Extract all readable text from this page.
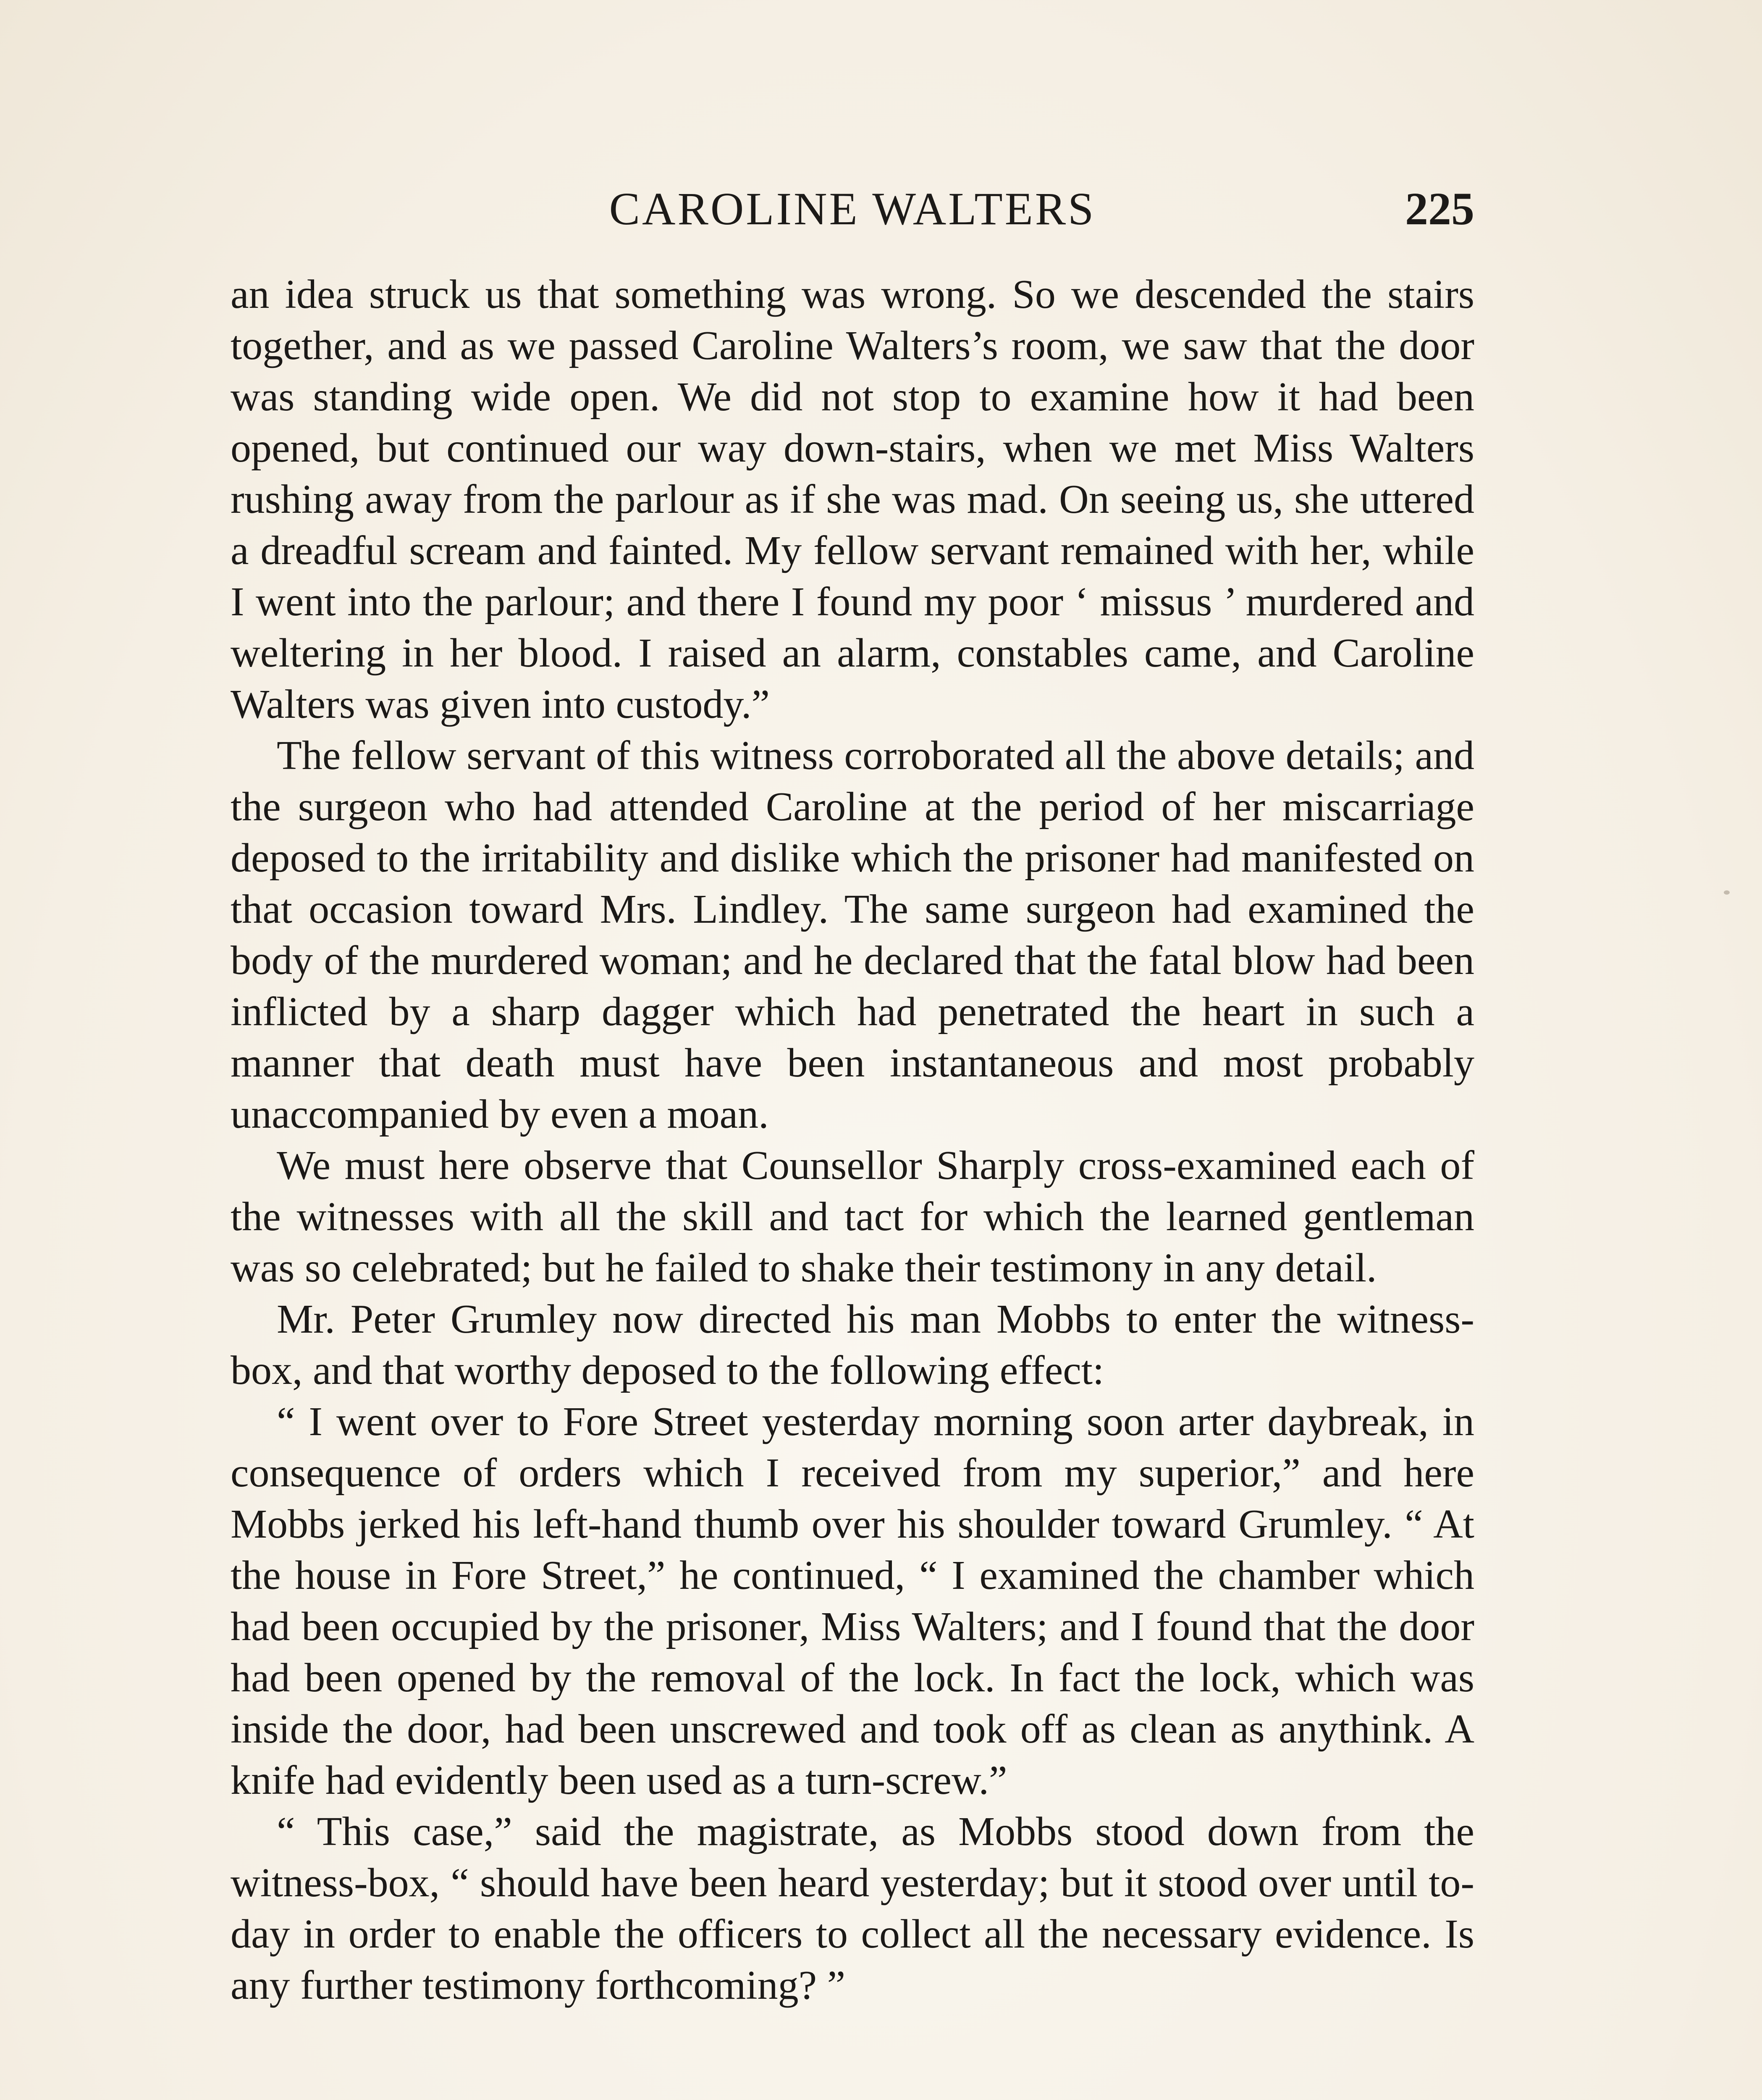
CAROLINE WALTERS	225

an idea struck us that something was wrong. So we descended the stairs together, and as we passed Caroline Walters’s room, we saw that the door was standing wide open. We did not stop to examine how it had been opened, but continued our way down-stairs, when we met Miss Walters rushing away from the parlour as if she was mad. On seeing us, she uttered a dreadful scream and fainted. My fellow servant remained with her, while I went into the parlour; and there I found my poor ‘ missus ’ murdered and weltering in her blood. I raised an alarm, constables came, and Caroline Walters was given into custody.”

The fellow servant of this witness corroborated all the above details; and the surgeon who had attended Caroline at the period of her miscarriage deposed to the irritability and dislike which the prisoner had manifested on that occasion toward Mrs. Lindley. The same surgeon had examined the body of the murdered woman; and he declared that the fatal blow had been inflicted by a sharp dagger which had penetrated the heart in such a manner that death must have been instantaneous and most probably unaccompanied by even a moan.

We must here observe that Counsellor Sharply cross-examined each of the witnesses with all the skill and tact for which the learned gentleman was so celebrated; but he failed to shake their testimony in any detail.

Mr. Peter Grumley now directed his man Mobbs to enter the witness-box, and that worthy deposed to the following effect:

“ I went over to Fore Street yesterday morning soon arter daybreak, in consequence of orders which I received from my superior,” and here Mobbs jerked his left-hand thumb over his shoulder toward Grumley. “ At the house in Fore Street,” he continued, “ I examined the chamber which had been occupied by the prisoner, Miss Walters; and I found that the door had been opened by the removal of the lock. In fact the lock, which was inside the door, had been unscrewed and took off as clean as anythink. A knife had evidently been used as a turn-screw.”

“ This case,” said the magistrate, as Mobbs stood down from the witness-box, “ should have been heard yesterday; but it stood over until to-day in order to enable the officers to collect all the necessary evidence. Is any further testimony forthcoming? ”
